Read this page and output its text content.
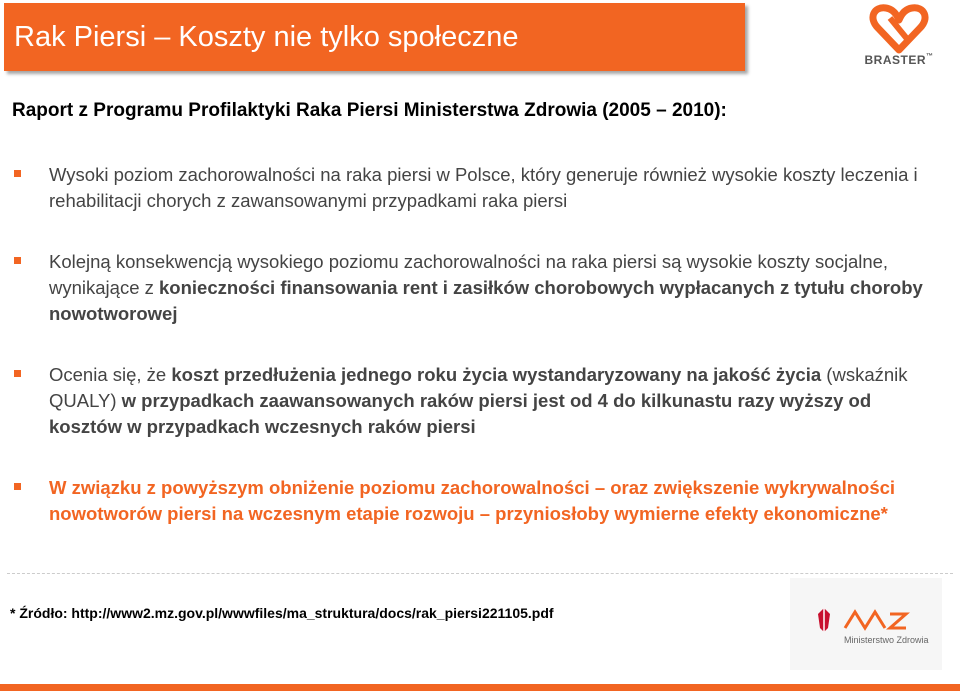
Rak Piersi – Koszty nie tylko społeczne
BRASTER™
Raport z Programu Profilaktyki Raka Piersi Ministerstwa Zdrowia (2005 – 2010):
Wysoki poziom zachorowalności na raka piersi w Polsce, który generuje również wysokie koszty leczenia i rehabilitacji chorych z zawansowanymi przypadkami raka piersi
Kolejną konsekwencją wysokiego poziomu zachorowalności na raka piersi są wysokie koszty socjalne, wynikające z konieczności finansowania rent i zasiłków chorobowych wypłacanych z tytułu choroby nowotworowej
Ocenia się, że koszt przedłużenia jednego roku życia wystandaryzowany na jakość życia (wskaźnik QUALY) w przypadkach zaawansowanych raków piersi jest od 4 do kilkunastu razy wyższy od kosztów w przypadkach wczesnych raków piersi
W związku z powyższym obniżenie poziomu zachorowalności – oraz zwiększenie wykrywalności nowotworów piersi na wczesnym etapie rozwoju – przyniosłoby wymierne efekty ekonomiczne*
Ministerstwo Zdrowia
* Źródło: http://www2.mz.gov.pl/wwwfiles/ma_struktura/docs/rak_piersi221105.pdf
